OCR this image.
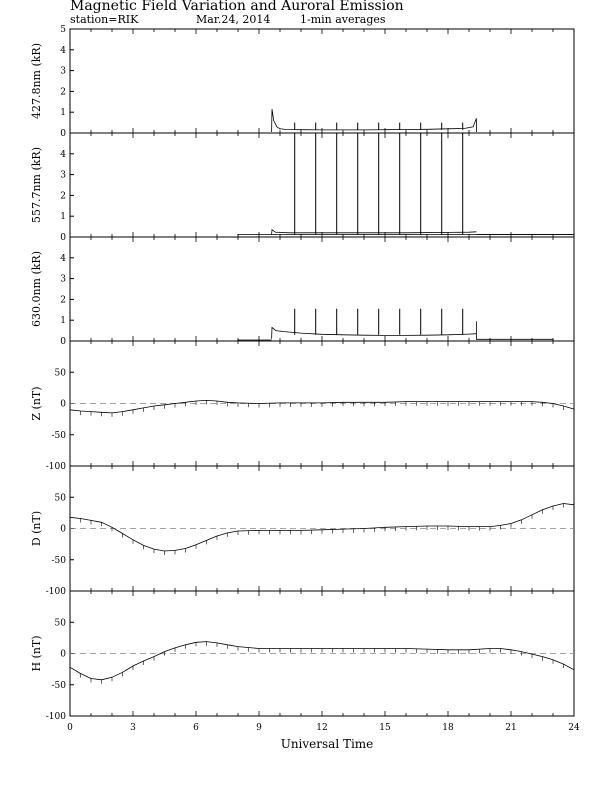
Magnetic Field Variation and Auroral Emission
station=RIK	Mar.24, 2014	1-min averages
0
1
2
3
4
5
427.8nm (kR)
0
1
2
3
4
557.7nm (kR)
0
1
2
3
4
630.0nm (kR)
-100
-50
0
50
Z (nT)
-100
-50
0
50
D (nT)
-100
-50
0
50
H (nT)
0	3	6	9	12	15	18	21	24
Universal Time
